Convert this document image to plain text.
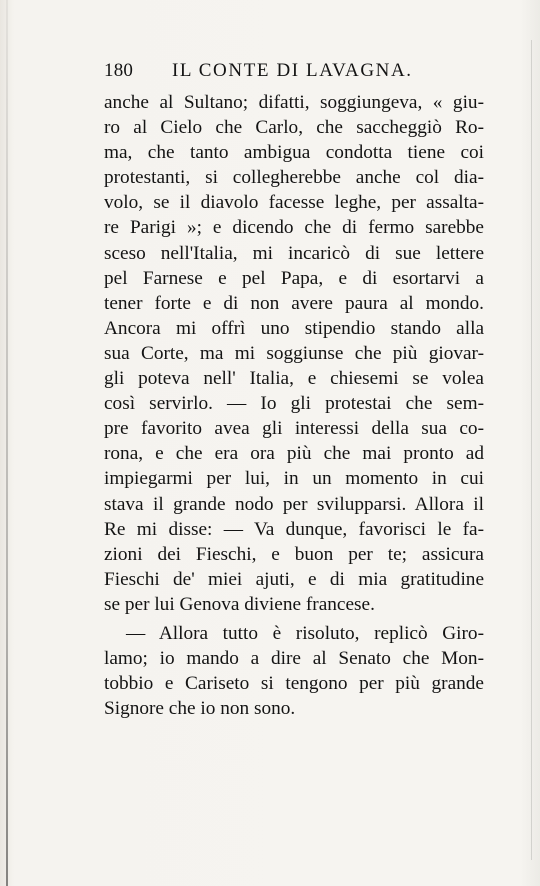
180 IL CONTE DI LAVAGNA.
anche al Sultano; difatti, soggiungeva, « giu-
ro al Cielo che Carlo, che saccheggiò Ro-
ma, che tanto ambigua condotta tiene coi
protestanti, si collegherebbe anche col dia-
volo, se il diavolo facesse leghe, per assalta-
re Parigi »; e dicendo che di fermo sarebbe
sceso nell'Italia, mi incaricò di sue lettere
pel Farnese e pel Papa, e di esortarvi a
tener forte e di non avere paura al mondo.
Ancora mi offrì uno stipendio stando alla
sua Corte, ma mi soggiunse che più giovar-
gli poteva nell' Italia, e chiesemi se volea
così servirlo. — Io gli protestai che sem-
pre favorito avea gli interessi della sua co-
rona, e che era ora più che mai pronto ad
impiegarmi per lui, in un momento in cui
stava il grande nodo per svilupparsi. Allora il
Re mi disse: — Va dunque, favorisci le fa-
zioni dei Fieschi, e buon per te; assicura
Fieschi de' miei ajuti, e di mia gratitudine
se per lui Genova diviene francese.
— Allora tutto è risoluto, replicò Giro-
lamo; io mando a dire al Senato che Mon-
tobbio e Cariseto si tengono per più grande
Signore che io non sono.
